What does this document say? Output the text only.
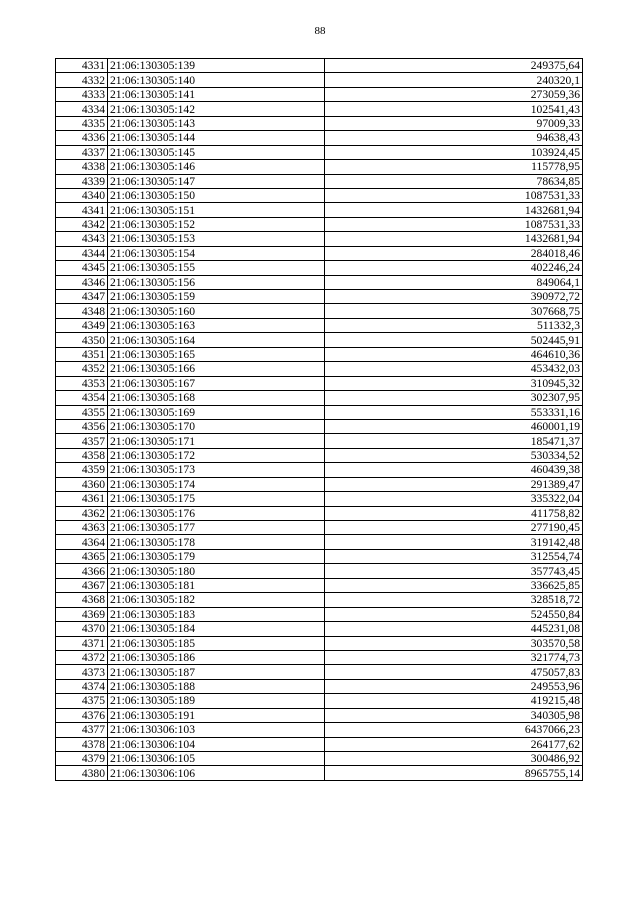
88
4331	21:06:130305:139	249375,64
4332	21:06:130305:140	240320,1
4333	21:06:130305:141	273059,36
4334	21:06:130305:142	102541,43
4335	21:06:130305:143	97009,33
4336	21:06:130305:144	94638,43
4337	21:06:130305:145	103924,45
4338	21:06:130305:146	115778,95
4339	21:06:130305:147	78634,85
4340	21:06:130305:150	1087531,33
4341	21:06:130305:151	1432681,94
4342	21:06:130305:152	1087531,33
4343	21:06:130305:153	1432681,94
4344	21:06:130305:154	284018,46
4345	21:06:130305:155	402246,24
4346	21:06:130305:156	849064,1
4347	21:06:130305:159	390972,72
4348	21:06:130305:160	307668,75
4349	21:06:130305:163	511332,3
4350	21:06:130305:164	502445,91
4351	21:06:130305:165	464610,36
4352	21:06:130305:166	453432,03
4353	21:06:130305:167	310945,32
4354	21:06:130305:168	302307,95
4355	21:06:130305:169	553331,16
4356	21:06:130305:170	460001,19
4357	21:06:130305:171	185471,37
4358	21:06:130305:172	530334,52
4359	21:06:130305:173	460439,38
4360	21:06:130305:174	291389,47
4361	21:06:130305:175	335322,04
4362	21:06:130305:176	411758,82
4363	21:06:130305:177	277190,45
4364	21:06:130305:178	319142,48
4365	21:06:130305:179	312554,74
4366	21:06:130305:180	357743,45
4367	21:06:130305:181	336625,85
4368	21:06:130305:182	328518,72
4369	21:06:130305:183	524550,84
4370	21:06:130305:184	445231,08
4371	21:06:130305:185	303570,58
4372	21:06:130305:186	321774,73
4373	21:06:130305:187	475057,83
4374	21:06:130305:188	249553,96
4375	21:06:130305:189	419215,48
4376	21:06:130305:191	340305,98
4377	21:06:130306:103	6437066,23
4378	21:06:130306:104	264177,62
4379	21:06:130306:105	300486,92
4380	21:06:130306:106	8965755,14
